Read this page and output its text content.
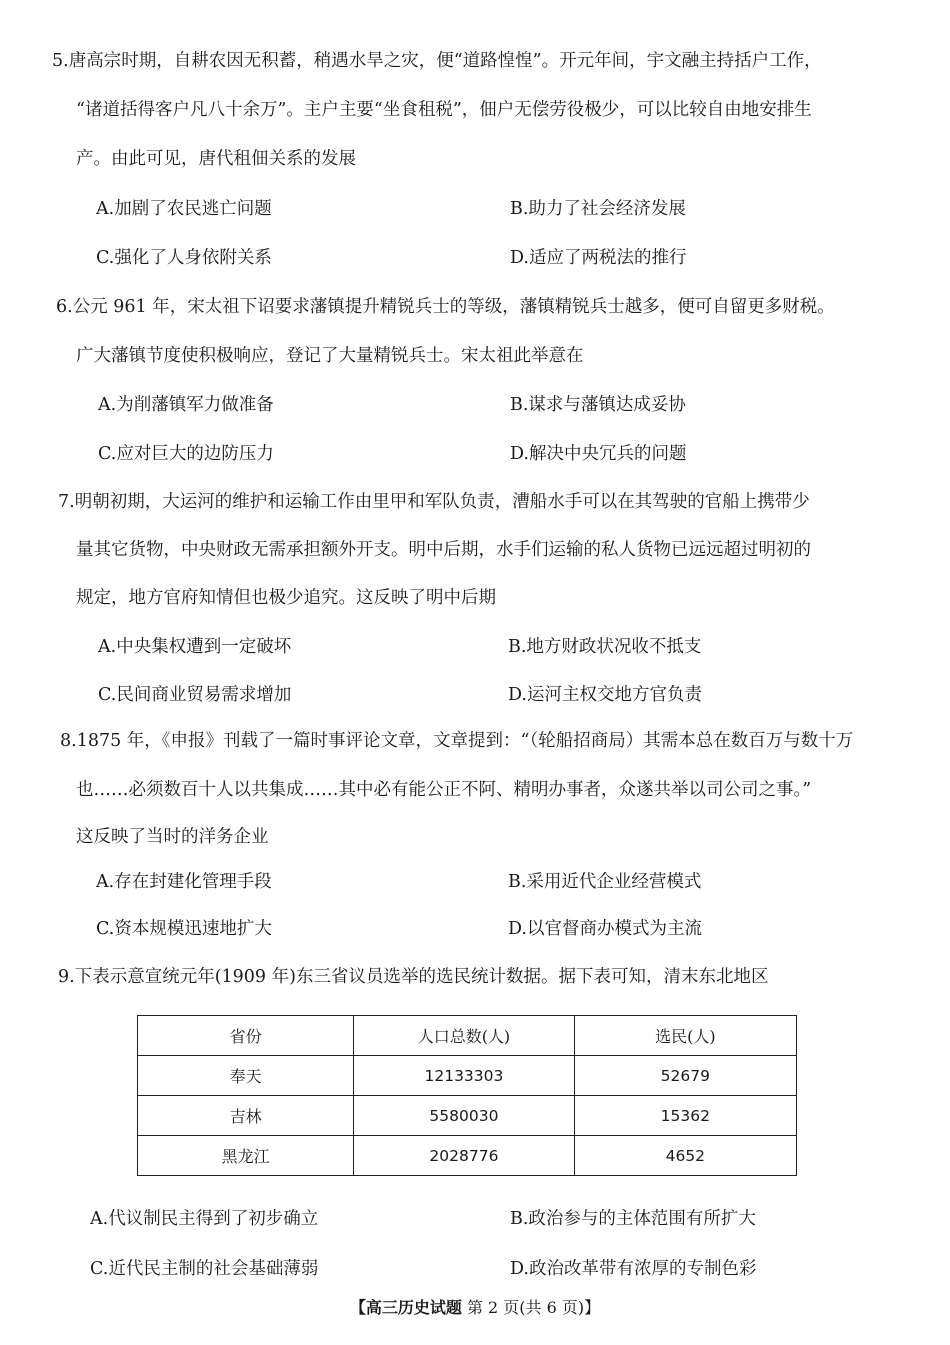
5.唐高宗时期，自耕农因无积蓄，稍遇水旱之灾，便“道路惶惶”。开元年间，宇文融主持括户工作，
“诸道括得客户凡八十余万”。主户主要“坐食租税”，佃户无偿劳役极少，可以比较自由地安排生
产。由此可见，唐代租佃关系的发展
A.加剧了农民逃亡问题	B.助力了社会经济发展
C.强化了人身依附关系	D.适应了两税法的推行
6.公元 961 年，宋太祖下诏要求藩镇提升精锐兵士的等级，藩镇精锐兵士越多，便可自留更多财税。
广大藩镇节度使积极响应，登记了大量精锐兵士。宋太祖此举意在
A.为削藩镇军力做准备	B.谋求与藩镇达成妥协
C.应对巨大的边防压力	D.解决中央冗兵的问题
7.明朝初期，大运河的维护和运输工作由里甲和军队负责，漕船水手可以在其驾驶的官船上携带少
量其它货物，中央财政无需承担额外开支。明中后期，水手们运输的私人货物已远远超过明初的
规定，地方官府知情但也极少追究。这反映了明中后期
A.中央集权遭到一定破坏	B.地方财政状况收不抵支
C.民间商业贸易需求增加	D.运河主权交地方官负责
8.1875 年，《申报》刊载了一篇时事评论文章，文章提到：“（轮船招商局）其需本总在数百万与数十万
也……必须数百十人以共集成……其中必有能公正不阿、精明办事者，众遂共举以司公司之事。”
这反映了当时的洋务企业
A.存在封建化管理手段	B.采用近代企业经营模式
C.资本规模迅速地扩大	D.以官督商办模式为主流
9.下表示意宣统元年(1909 年)东三省议员选举的选民统计数据。据下表可知，清末东北地区
省份	人口总数(人)	选民(人)
奉天	12133303	52679
吉林	5580030	15362
黑龙江	2028776	4652
A.代议制民主得到了初步确立	B.政治参与的主体范围有所扩大
C.近代民主制的社会基础薄弱	D.政治改革带有浓厚的专制色彩
【高三历史试题 第 2 页(共 6 页)】
